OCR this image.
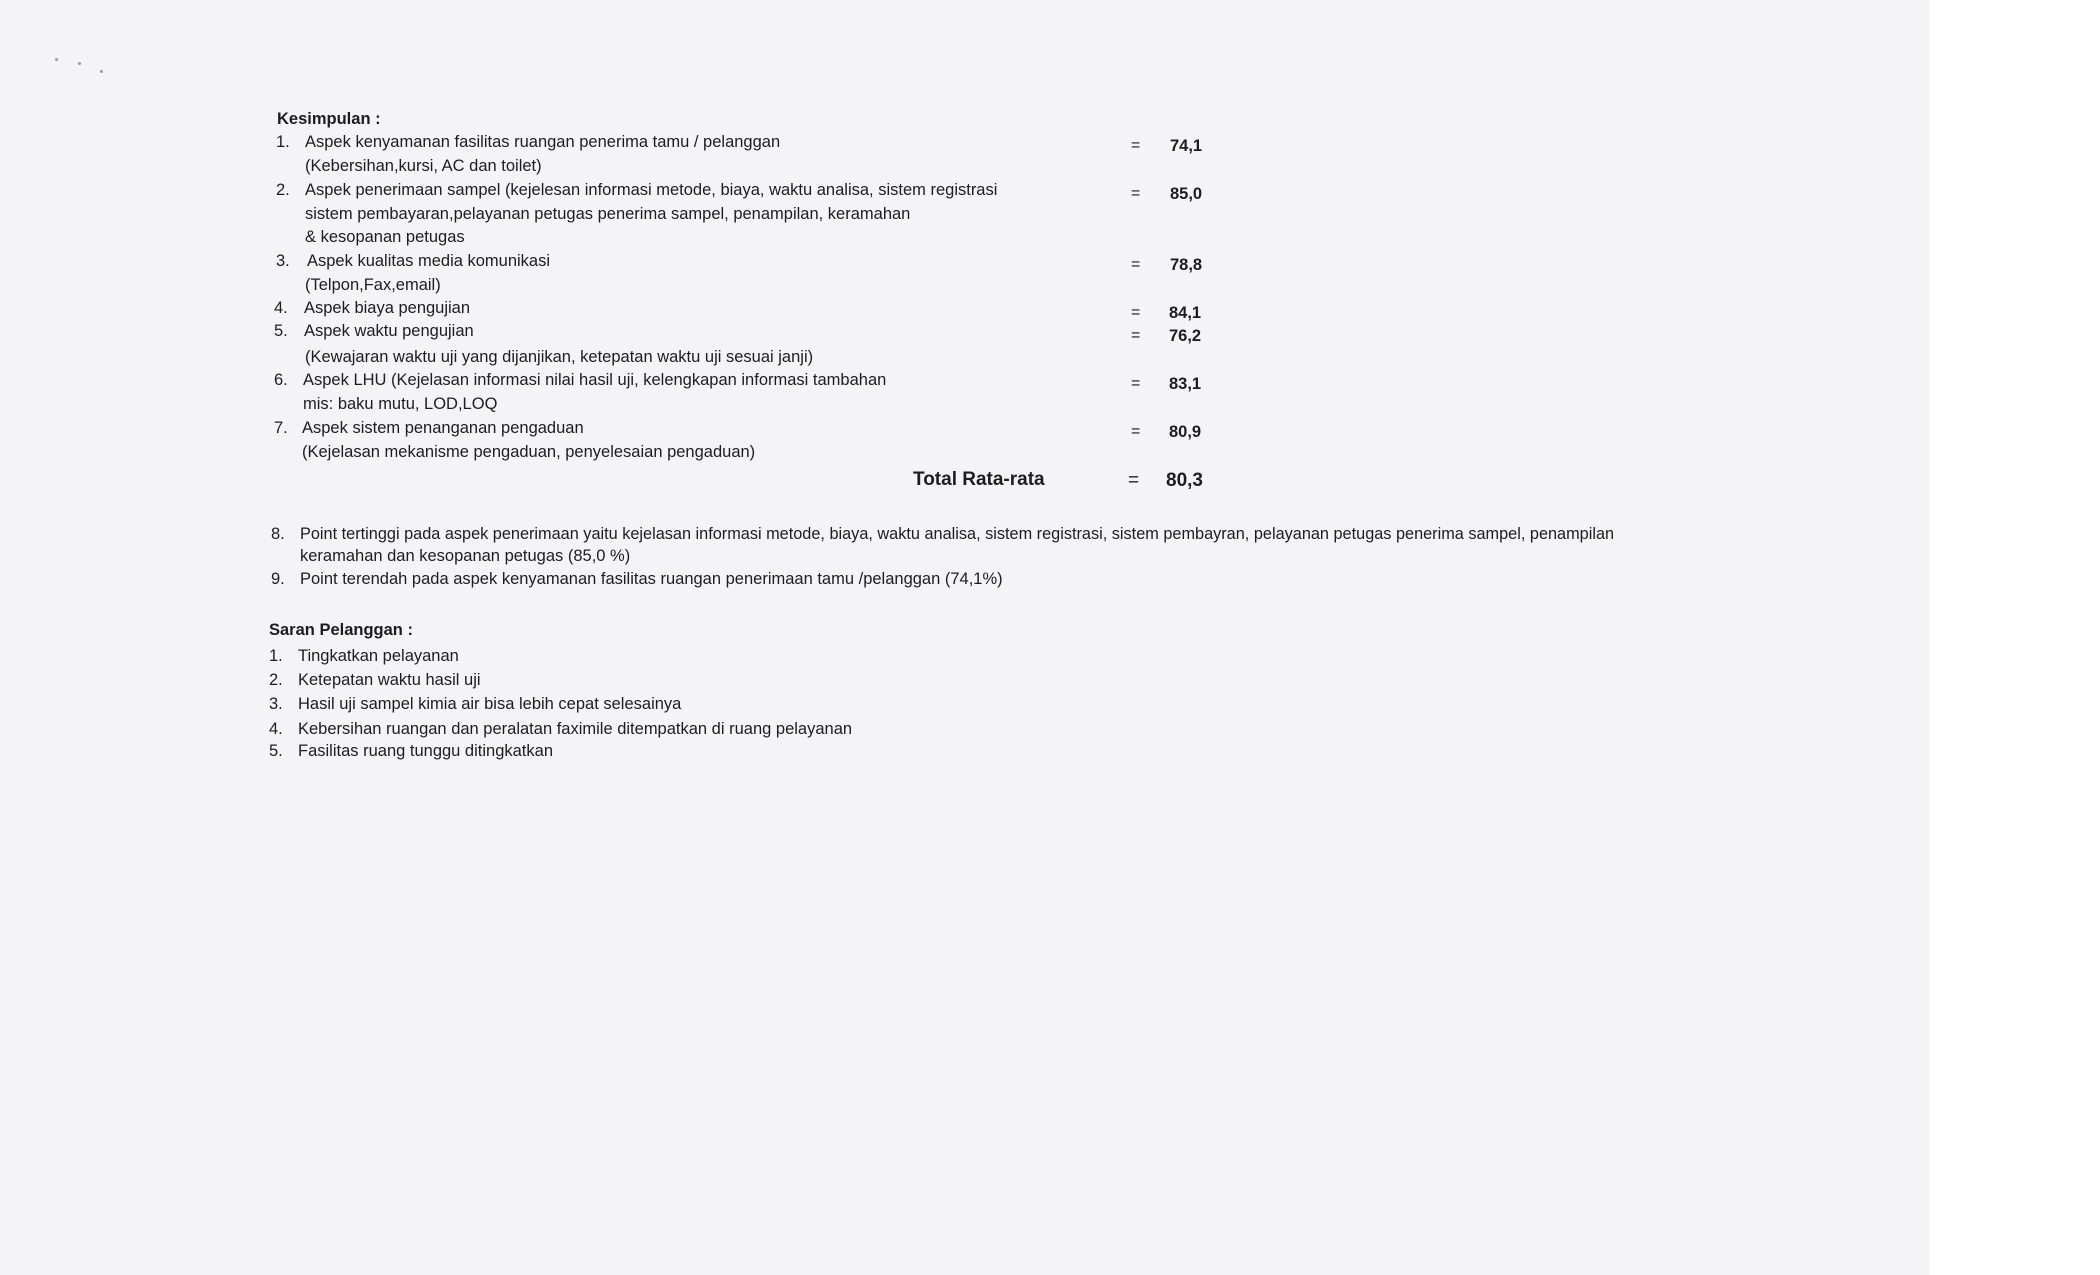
Kesimpulan :
1. Aspek kenyamanan fasilitas ruangan penerima tamu / pelanggan
(Kebersihan,kursi, AC dan toilet)
= 74,1
2. Aspek penerimaan sampel (kejelesan informasi metode, biaya, waktu analisa, sistem registrasi
sistem pembayaran,pelayanan petugas penerima sampel, penampilan, keramahan
& kesopanan petugas
= 85,0
3. Aspek kualitas media komunikasi
(Telpon,Fax,email)
= 78,8
4. Aspek biaya pengujian	= 84,1
5. Aspek waktu pengujian
(Kewajaran waktu uji yang dijanjikan, ketepatan waktu uji sesuai janji)
= 76,2
6. Aspek LHU (Kejelasan informasi nilai hasil uji, kelengkapan informasi tambahan
mis: baku mutu, LOD,LOQ
= 83,1
7. Aspek sistem penanganan pengaduan
(Kejelasan mekanisme pengaduan, penyelesaian pengaduan)
= 80,9
Total Rata-rata	= 80,3
8. Point tertinggi pada aspek penerimaan yaitu kejelasan informasi metode, biaya, waktu analisa, sistem registrasi, sistem pembayran, pelayanan petugas penerima sampel, penampilan
keramahan dan kesopanan petugas (85,0 %)
9. Point terendah pada aspek kenyamanan fasilitas ruangan penerimaan tamu /pelanggan (74,1%)
Saran Pelanggan :
1. Tingkatkan pelayanan
2. Ketepatan waktu hasil uji
3. Hasil uji sampel kimia air bisa lebih cepat selesainya
4. Kebersihan ruangan dan peralatan faximile ditempatkan di ruang pelayanan
5. Fasilitas ruang tunggu ditingkatkan
